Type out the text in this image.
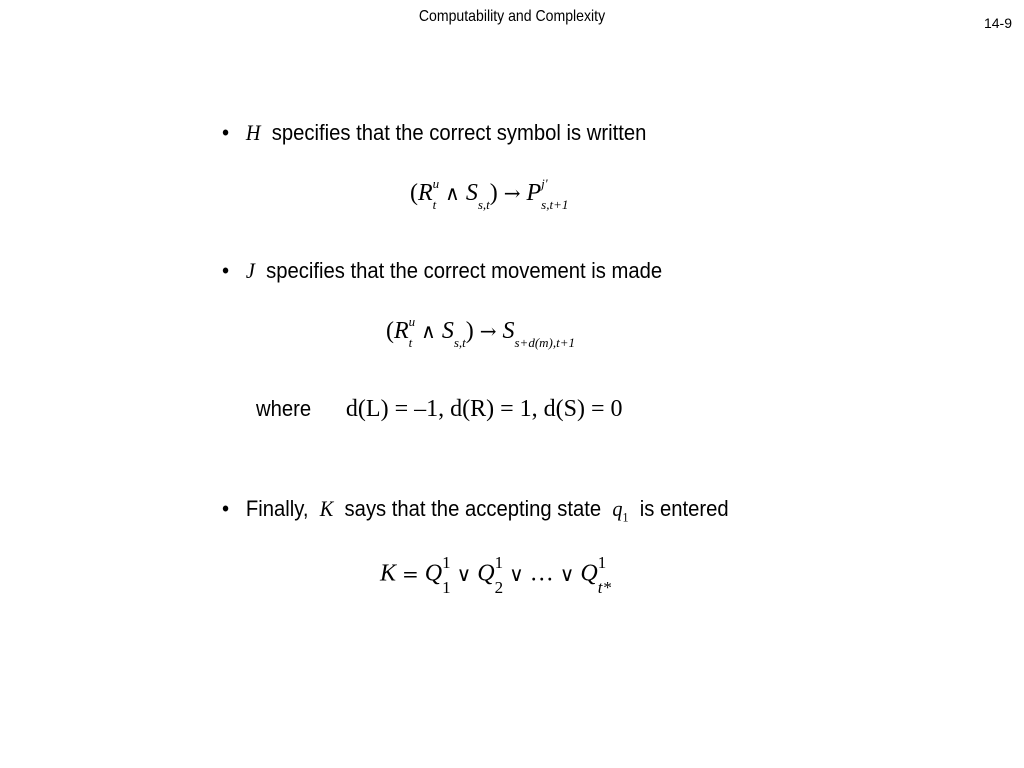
Computability and Complexity	14-9
• H specifies that the correct symbol is written
(R u
t ∧ S
s,t ) → P j'
s,t+1
• J specifies that the correct movement is made
(R u
t ∧ S
s,t ) → S
s+d(m),t+1
where d(L) = –1, d(R) = 1, d(S) = 0
• Finally, K says that the accepting state $q_1$ is entered
K = Q 1
1
∨ Q 1
2
∨ … ∨ Q 1
t*
